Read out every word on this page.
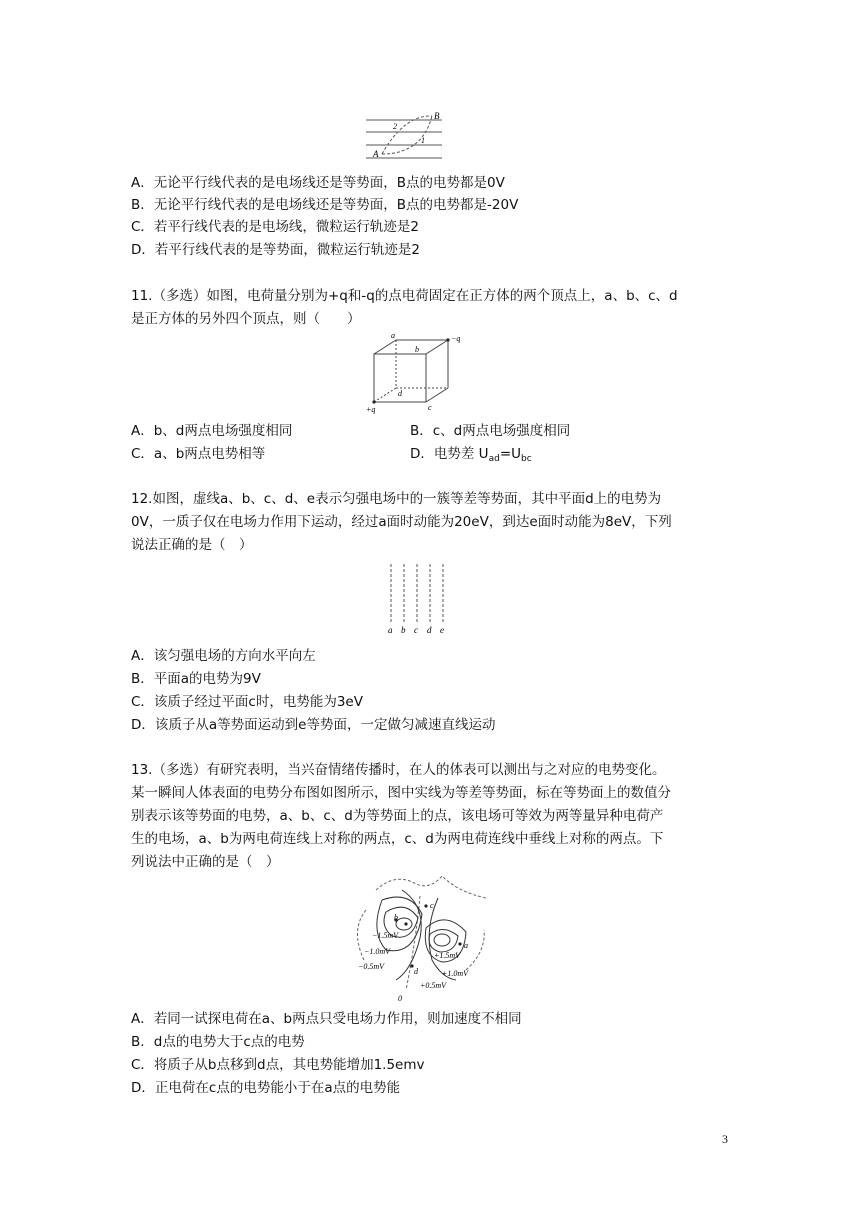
B
A
1
2
A．无论平行线代表的是电场线还是等势面，B点的电势都是0V
B．无论平行线代表的是电场线还是等势面，B点的电势都是-20V
C．若平行线代表的是电场线，微粒运行轨迹是2
D．若平行线代表的是等势面，微粒运行轨迹是2
11.（多选）如图，电荷量分别为+q和-q的点电荷固定在正方体的两个顶点上，a、b、c、d
是正方体的另外四个顶点，则（　　）
a	−q
b
d
c
+q
A．b、d两点电场强度相同	B．c、d两点电场强度相同
C．a、b两点电势相等	D．电势差 $U_{ad}=U_{bc}$
12.如图，虚线a、b、c、d、e表示匀强电场中的一簇等差等势面，其中平面d上的电势为
0V，一质子仅在电场力作用下运动，经过a面时动能为20eV，到达e面时动能为8eV，下列
说法正确的是（　）
a b c d e
A．该匀强电场的方向水平向左
B．平面a的电势为9V
C．该质子经过平面c时，电势能为3eV
D．该质子从a等势面运动到e等势面，一定做匀减速直线运动
13.（多选）有研究表明，当兴奋情绪传播时，在人的体表可以测出与之对应的电势变化。
某一瞬间人体表面的电势分布图如图所示，图中实线为等差等势面，标在等势面上的数值分
别表示该等势面的电势，a、b、c、d为等势面上的点，该电场可等效为两等量异种电荷产
生的电场，a、b为两电荷连线上对称的两点，c、d为两电荷连线中垂线上对称的两点。下
列说法中正确的是（　）
b
a
c
d
−1.5mV
−1.0mV
−0.5mV
+1.5mV
+1.0mV
+0.5mV
0
A．若同一试探电荷在a、b两点只受电场力作用，则加速度不相同
B．d点的电势大于c点的电势
C．将质子从b点移到d点，其电势能增加1.5emv
D．正电荷在c点的电势能小于在a点的电势能
3
